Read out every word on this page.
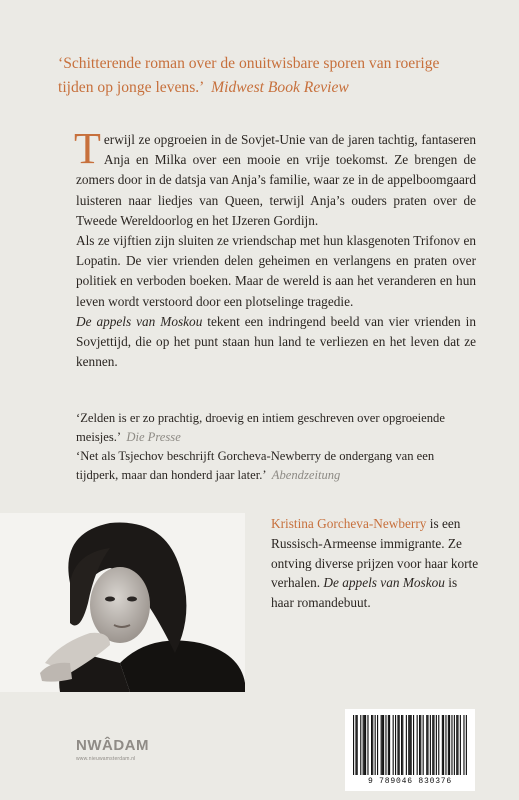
‘Schitterende roman over de onuitwisbare sporen van roerige tijden op jonge levens.’ Midwest Book Review

Terwijl ze opgroeien in de Sovjet-Unie van de jaren tachtig, fantaseren Anja en Milka over een mooie en vrije toekomst. Ze brengen de zomers door in de datsja van Anja’s familie, waar ze in de appelboomgaard luisteren naar liedjes van Queen, terwijl Anja’s ouders praten over de Tweede Wereldoorlog en het IJzeren Gordijn.

Als ze vijftien zijn sluiten ze vriendschap met hun klasgenoten Trifonov en Lopatin. De vier vrienden delen geheimen en verlangens en praten over politiek en verboden boeken. Maar de wereld is aan het veranderen en hun leven wordt verstoord door een plotselinge tragedie.

De appels van Moskou tekent een indringend beeld van vier vrienden in Sovjettijd, die op het punt staan hun land te verliezen en het leven dat ze kennen.

‘Zelden is er zo prachtig, droevig en intiem geschreven over opgroeiende meisjes.’ Die Presse
‘Net als Tsjechov beschrijft Gorcheva-Newberry de ondergang van een tijdperk, maar dan honderd jaar later.’ Abendzeitung
Kristina Gorcheva-Newberry is een Russisch-Armeense immigrante. Ze ontving diverse prijzen voor haar korte verhalen. De appels van Moskou is haar romandebuut.
NWÂDAM
www.nieuwamsterdam.nl
9 789046 830376
